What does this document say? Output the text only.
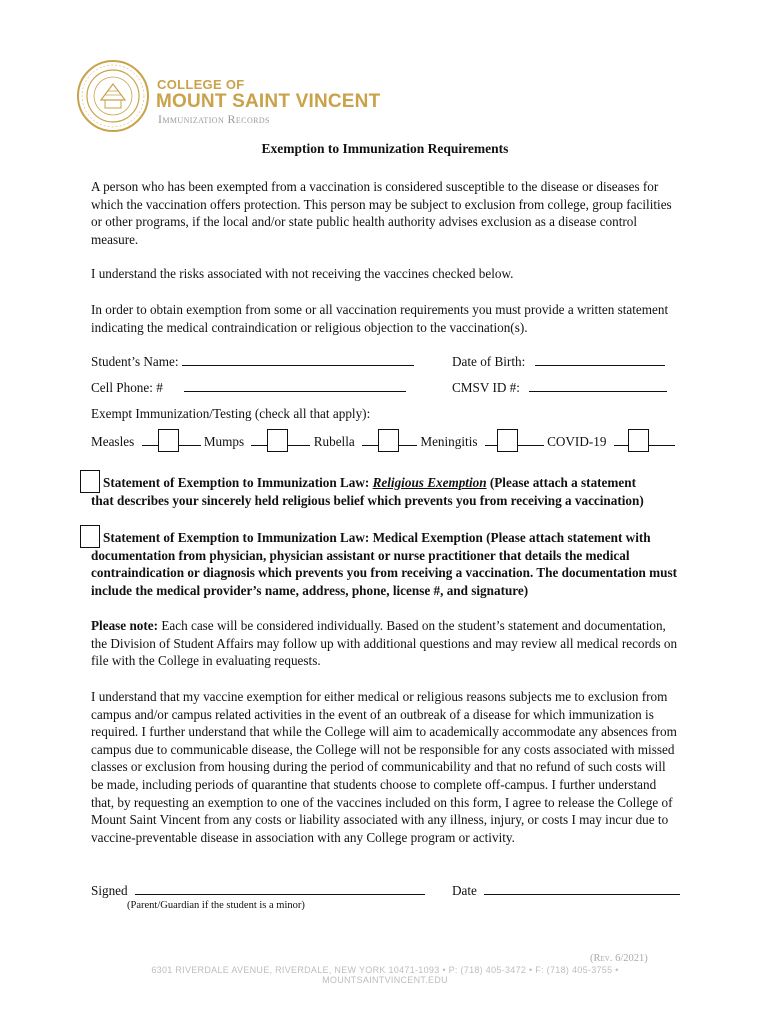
COLLEGE OF
MOUNT SAINT VINCENT
Immunization Records
Exemption to Immunization Requirements
A person who has been exempted from a vaccination is considered susceptible to the disease or diseases for which the vaccination offers protection. This person may be subject to exclusion from college, group facilities or other programs, if the local and/or state public health authority advises exclusion as a disease control measure.
I understand the risks associated with not receiving the vaccines checked below.
In order to obtain exemption from some or all vaccination requirements you must provide a written statement indicating the medical contraindication or religious objection to the vaccination(s).
Student’s Name:	Date of Birth:
Cell Phone: #	CMSV ID #:
Exempt Immunization/Testing (check all that apply):
Measles	Mumps	Rubella	Meningitis	COVID-19
Statement of Exemption to Immunization Law: Religious Exemption (Please attach a statement
that describes your sincerely held religious belief which prevents you from receiving a vaccination)
Statement of Exemption to Immunization Law: Medical Exemption (Please attach statement with
documentation from physician, physician assistant or nurse practitioner that details the medical contraindication or diagnosis which prevents you from receiving a vaccination. The documentation must include the medical provider’s name, address, phone, license #, and signature)
Please note: Each case will be considered individually. Based on the student’s statement and documentation, the Division of Student Affairs may follow up with additional questions and may review all medical records on file with the College in evaluating requests.
I understand that my vaccine exemption for either medical or religious reasons subjects me to exclusion from campus and/or campus related activities in the event of an outbreak of a disease for which immunization is required. I further understand that while the College will aim to academically accommodate any absences from campus due to communicable disease, the College will not be responsible for any costs associated with missed classes or exclusion from housing during the period of communicability and that no refund of such costs will be made, including periods of quarantine that students choose to complete off-campus. I further understand that, by requesting an exemption to one of the vaccines included on this form, I agree to release the College of Mount Saint Vincent from any costs or liability associated with any illness, injury, or costs I may incur due to vaccine-preventable disease in association with any College program or activity.
Signed	Date
(Parent/Guardian if the student is a minor)
(Rev. 6/2021)
6301 RIVERDALE AVENUE, RIVERDALE, NEW YORK 10471-1093 • P: (718) 405-3472 • F: (718) 405-3755 • MOUNTSAINTVINCENT.EDU
